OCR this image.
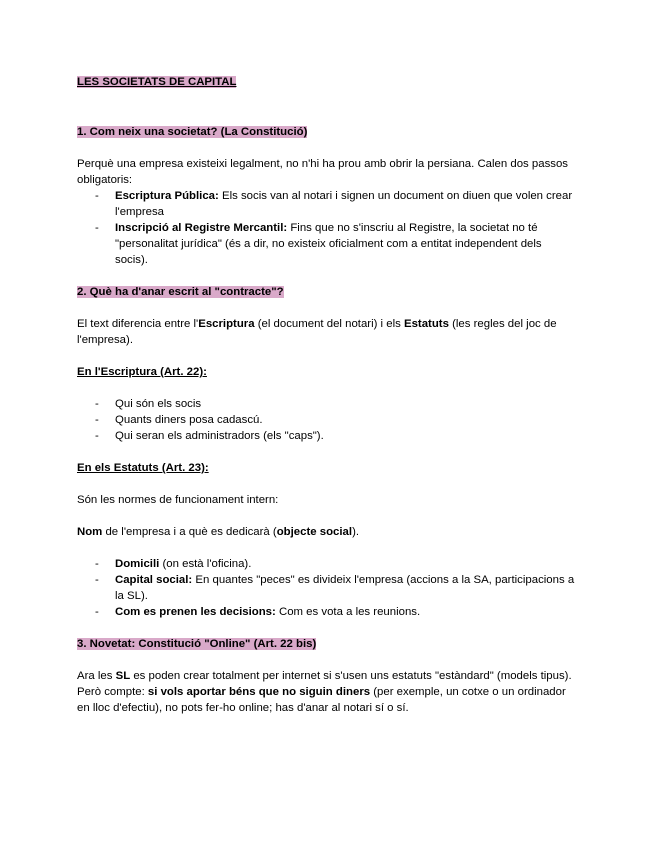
LES SOCIETATS DE CAPITAL

1. Com neix una societat? (La Constitució)

Perquè una empresa existeixi legalment, no n'hi ha prou amb obrir la persiana. Calen dos passos obligatoris:

- Escriptura Pública: Els socis van al notari i signen un document on diuen que volen crear l'empresa
- Inscripció al Registre Mercantil: Fins que no s'inscriu al Registre, la societat no té "personalitat jurídica" (és a dir, no existeix oficialment com a entitat independent dels socis).

2. Què ha d'anar escrit al "contracte"?

El text diferencia entre l'Escriptura (el document del notari) i els Estatuts (les regles del joc de l'empresa).

En l'Escriptura (Art. 22):

- Qui són els socis
- Quants diners posa cadascú.
- Qui seran els administradors (els "caps").

En els Estatuts (Art. 23):

Són les normes de funcionament intern:

Nom de l'empresa i a què es dedicarà (objecte social).

- Domicili (on està l'oficina).
- Capital social: En quantes "peces" es divideix l'empresa (accions a la SA, participacions a la SL).
- Com es prenen les decisions: Com es vota a les reunions.

3. Novetat: Constitució "Online" (Art. 22 bis)

Ara les SL es poden crear totalment per internet si s'usen uns estatuts "estàndard" (models tipus). Però compte: si vols aportar béns que no siguin diners (per exemple, un cotxe o un ordinador en lloc d'efectiu), no pots fer-ho online; has d'anar al notari sí o sí.
